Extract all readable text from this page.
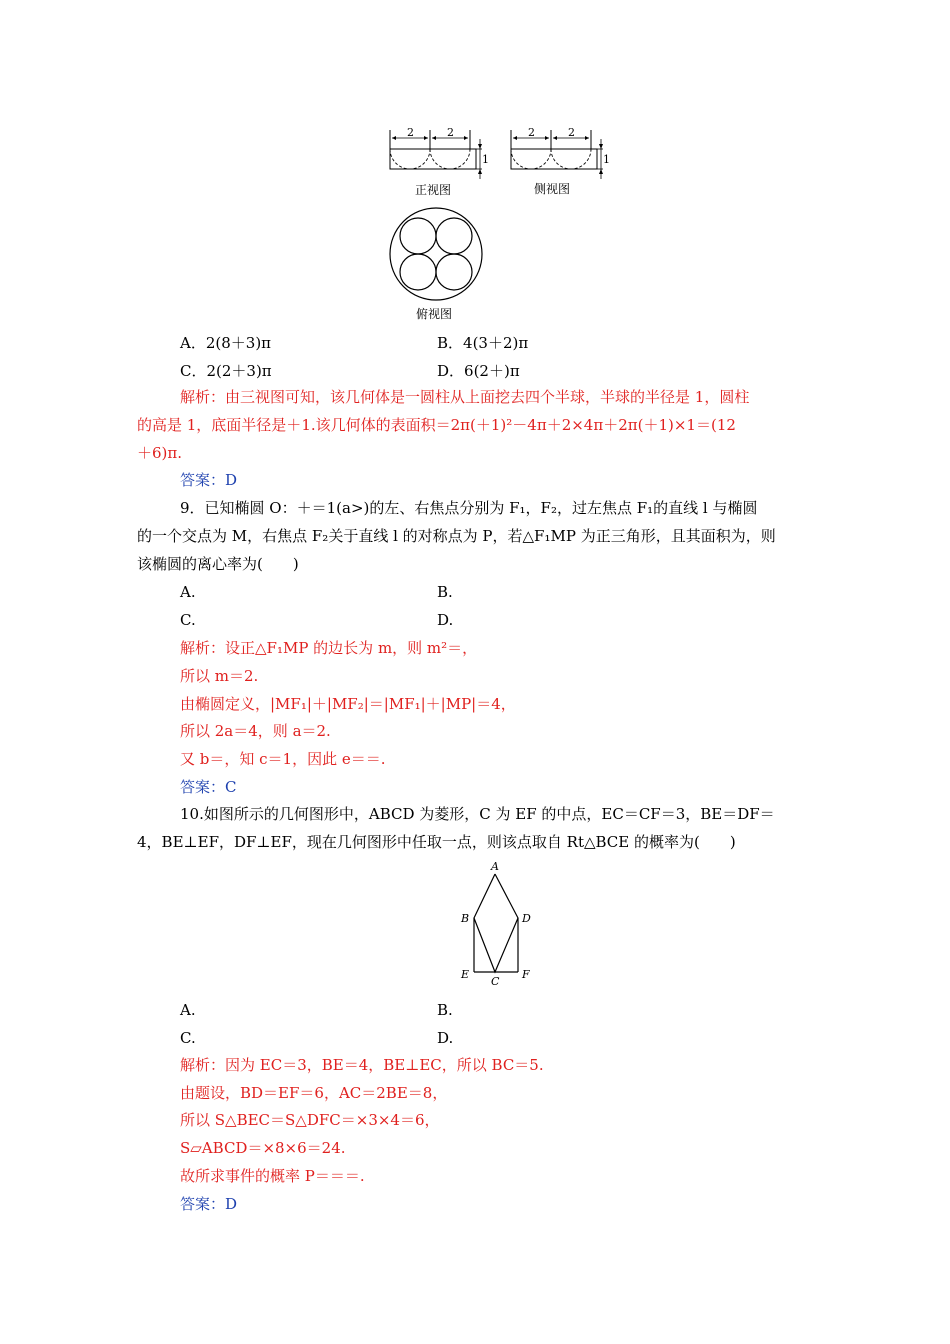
2	2
1
正视图
2	2
1
侧视图
俯视图
A．2(8＋3)π	B．4(3＋2)π
C．2(2＋3)π	D．6(2＋)π
解析：由三视图可知，该几何体是一圆柱从上面挖去四个半球，半球的半径是 1，圆柱
的高是 1，底面半径是＋1.该几何体的表面积＝2π(＋1)²－4π＋2×4π＋2π(＋1)×1＝(12
＋6)π.
答案：D
9．已知椭圆 O：＋＝1(a>)的左、右焦点分别为 F₁，F₂，过左焦点 F₁的直线 l 与椭圆
的一个交点为 M，右焦点 F₂关于直线 l 的对称点为 P，若△F₁MP 为正三角形，且其面积为，则
该椭圆的离心率为(　　)
A.	B.
C.	D.
解析：设正△F₁MP 的边长为 m，则 m²＝，
所以 m＝2.
由椭圆定义，|MF₁|＋|MF₂|＝|MF₁|＋|MP|＝4，
所以 2a＝4，则 a＝2.
又 b＝，知 c＝1，因此 e＝＝.
答案：C
10.如图所示的几何图形中，ABCD 为菱形，C 为 EF 的中点，EC＝CF＝3，BE＝DF＝
4，BE⊥EF，DF⊥EF，现在几何图形中任取一点，则该点取自 Rt△BCE 的概率为(　　)
A
B	D
E	F
C
A.	B.
C.	D.
解析：因为 EC＝3，BE＝4，BE⊥EC，所以 BC＝5.
由题设，BD＝EF＝6，AC＝2BE＝8，
所以 S△BEC＝S△DFC＝×3×4＝6，
S▱ABCD＝×8×6＝24.
故所求事件的概率 P＝＝＝.
答案：D
